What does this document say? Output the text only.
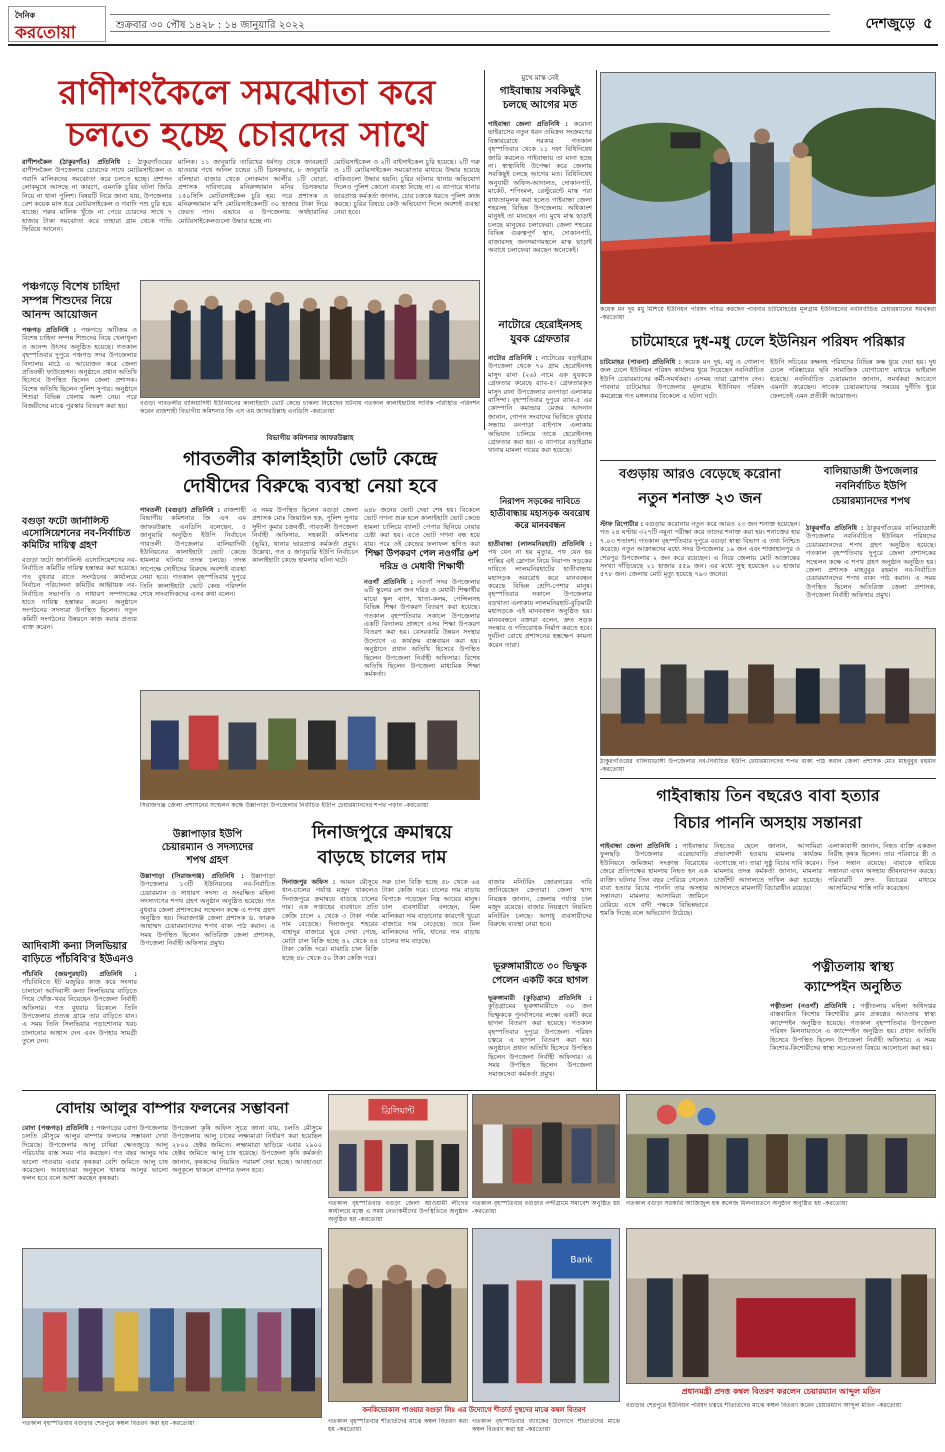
দৈনিক
করতোয়া	শুক্রবার ৩০ পৌষ ১৪২৮ : ১৪ জানুয়ারি ২০২২	দেশজুড়ে ৫
রাণীশংকৈলে সমঝোতা করে
চলতে হচ্ছে চোরদের সাথে
রাণীশংকৈল (ঠাকুরগাঁও) প্রতিনিধি : ঠাকুরগাঁওয়ের রাণীশংকৈল উপজেলায় চোরদের সাথে মোটরসাইকেল ও গবাদি মালিকদের সমঝোতা করে চলতে হচ্ছে। প্রশাসন লোকমুখে আসছে না কারণে, এমনকি চুরির ঘটনা জিডি নিয়ে না থানা পুলিশ। বিষয়টি নিয়ে জানা যায়, উপজেলার বেশ কয়েক মাস ধরে মোটরসাইকেল ও গবাদি পশু চুরি হয়ে যাচ্ছে। গরুর মালিক খুঁজে না পেয়ে চোরদের সাথে ৭ হাজার টাকা সমঝোতা করে তাহারা গ্রাম থেকে গাভি ফিরিয়ে আনেন।
মালিক। ১১ জানুয়ারি তারিখের ধর্মগড় থেকে জাবরহাট যাওয়ার পথে অনিল চন্দ্রের ১টি ডিসকভার, ৮ জানুয়ারি বলিহারা বাজার থেকে লোকমান আলীর ১টি ঘোড়া, প্রশাসক দাবিদারের মনিরুজ্জামান মনির ডিসকভার ১৫০সিসি মোটরসাইকেল চুরি হয়। পরে প্রশাসক ও মনিরুজ্জামান মণি মোটরসাইকেলটি ৩০ হাজার টাকা দিয়ে ফেরত পান। এভাবে এ উপজেলায় অর্থহারানির মোটরসাইকেলগুলো উদ্ধার হচ্ছে না।
মোটরসাইকেল ও ২টি বাইসাইকেল চুরি হয়েছে। ২টি গরু ও ১টি মোটরসাইকেল সমঝোতার মাধ্যমে উদ্ধার হয়েছে বাকিগুলো উদ্ধার হয়নি। চুরির ঘটনায় থানায় অভিযোগ দিলেও পুলিশ কোনো ব্যবস্থা নিচ্ছে না। এ ব্যাপারে থানার ভারপ্রাপ্ত কর্মকর্তা জানান, চোর চক্রকে ধরতে পুলিশ কাজ করছে। চুরির বিষয়ে কেউ অভিযোগ দিলে অবশ্যই ব্যবস্থা নেয়া হবে।
পঞ্চগড়ে বিশেষ চাহিদা
সম্পন্ন শিশুদের নিয়ে
আনন্দ আয়োজন
পঞ্চগড় প্রতিনিধি : পঞ্চগড়ে অটিজম ও বিশেষ চাহিদা সম্পন্ন শিশুদের নিয়ে খেলাধুলা ও আনন্দ উৎসব অনুষ্ঠিত হয়েছে। গতকাল বৃহস্পতিবার দুপুরে পঞ্চগড় সদর উপজেলার বিদ্যালয় মাঠে এ আয়োজন করে জেলা প্রতিবন্ধী ফাউন্ডেশন। অনুষ্ঠানে প্রধান অতিথি হিসেবে উপস্থিত ছিলেন জেলা প্রশাসক। বিশেষ অতিথি ছিলেন পুলিশ সুপার। অনুষ্ঠানে শিশুরা বিভিন্ন খেলায় অংশ নেয়। পরে বিজয়ীদের মাঝে পুরস্কার বিতরণ করা হয়।	বগুড়া গাবতলীর বালিয়াদিঘী ইউনিয়নের কালাইহাটা ভোট কেন্দ্রে চাকলা নিয়েছেন ঘটনায় গতকাল কালাইহাটায় সার্বিক পরিস্থিতি পরিদর্শন করেন রাজশাহী বিভাগীয় কমিশনার জি এস এম জাফরউল্লাহ এনডিসি -করতোয়া
বগুড়া ফটো জার্নালিস্ট
এসোসিয়েশনের নব-নির্বাচিত
কমিটির দায়িত্ব গ্রহণ
বগুড়া ফটো জার্নালিস্ট এসোসিয়েশনের নব-নির্বাচিত কমিটির দায়িত্ব হস্তান্তর করা হয়েছে। গত বুধবার রাতে সংগঠনের কার্যালয়ে নির্বাচন পরিচালনা কমিটির আহ্বায়ক নব-নির্বাচিত সভাপতি ও সাধারণ সম্পাদকের হাতে দায়িত্ব হস্তান্তর করেন। অনুষ্ঠানে সংগঠনের সদস্যরা উপস্থিত ছিলেন। নতুন কমিটি সংগঠনের উন্নয়নে কাজ করার প্রত্যয় ব্যক্ত করেন।
আদিবাসী কন্যা সিলভিয়ার
বাড়িতে পাঁচবিবি'র ইউএনও
পাঁচবিবি (জয়পুরহাট) প্রতিনিধি : পাঁচবিবিতে ইট মজুরির কাজ করে সংসার চালানো আদিবাসী কন্যা সিলভিয়ার বাড়িতে গিয়ে খোঁজ-খবর নিয়েছেন উপজেলা নির্বাহী অফিসার। গত বুধবার বিকেলে তিনি উপজেলার প্রত্যন্ত গ্রামে তার বাড়িতে যান। এ সময় তিনি সিলভিয়ার পড়াশোনার খরচ চালানোর আশ্বাস দেন এবং উপহার সামগ্রী তুলে দেন।
বিভাগীয় কমিশনার জাফরউল্লাহ
গাবতলীর কালাইহাটা ভোট কেন্দ্রে
দোষীদের বিরুদ্ধে ব্যবস্থা নেয়া হবে
গাবতলী (বগুড়া) প্রতিনিধি : রাজশাহী বিভাগীয় কমিশনার জি এস এম জাফরউল্লাহ এনডিসি বলেছেন, ৫ জানুয়ারি অনুষ্ঠিত ইউপি নির্বাচনে গাবতলী উপজেলার বালিয়াদিঘী ইউনিয়নের কালাইহাটা ভোট কেন্দ্রে হামলার ঘটনায় তদন্ত চলছে। তদন্ত সাপেক্ষে দোষীদের বিরুদ্ধে অবশ্যই ব্যবস্থা নেয়া হবে। গতকাল বৃহস্পতিবার দুপুরে তিনি কালাইহাটা ভোট কেন্দ্র পরিদর্শন শেষে সাংবাদিকদের এসব কথা বলেন।
এ সময় উপস্থিত ছিলেন বগুড়া জেলা প্রশাসক মোঃ জিয়াউল হক, পুলিশ সুপার সুদীপ কুমার চক্রবর্ত্তী, গাবতলী উপজেলা নির্বাহী অফিসার, সহকারী কমিশনার (ভূমি), থানার ভারপ্রাপ্ত কর্মকর্তা প্রমুখ। উল্লেখ্য, গত ৫ জানুয়ারি ইউপি নির্বাচনে কালাইহাটা কেন্দ্রে হামলার ঘটনা ঘটে।
৬৪৮ জনের ভোট দেয়া শেষ হয়। বিকেলে ভোট গণনা শুরু হলে কালাইহাটা ভোট কেন্দ্রে হামলা চালিয়ে ব্যালট পেপার ছিনিয়ে নেয়ার চেষ্টা করা হয়। এতে ভোট গণনা বন্ধ হয়ে যায়। পরে ওই কেন্দ্রের ফলাফল স্থগিত করা
শিক্ষা উপকরণ পেল নওগাঁর ৬শ
দরিদ্র ও মেধাবী শিক্ষার্থী
নওগাঁ প্রতিনিধি : নওগাঁ সদর উপজেলার ৬টি স্কুলের ৬শ জন দরিদ্র ও মেধাবী শিক্ষার্থীর মাঝে স্কুল ব্যাগ, খাতা-কলম, পেন্সিলসহ বিভিন্ন শিক্ষা উপকরণ বিতরণ করা হয়েছে। গতকাল বৃহস্পতিবার সকালে উপজেলার একটি বিদ্যালয় প্রাঙ্গণে এসব শিক্ষা উপকরণ বিতরণ করা হয়। বেসরকারি উন্নয়ন সংস্থার উদ্যোগে এ কার্যক্রম বাস্তবায়ন করা হয়। অনুষ্ঠানে প্রধান অতিথি হিসেবে উপস্থিত ছিলেন উপজেলা নির্বাহী অফিসার। বিশেষ অতিথি ছিলেন উপজেলা মাধ্যমিক শিক্ষা কর্মকর্তা।
সিরাজগঞ্জ জেলা প্রশাসনের সম্মেলন কক্ষে উল্লাপাড়া উপজেলার নির্বাচিত ইউপি চেয়ারম্যানদের শপথ পড়ান -করতোয়া
উল্লাপাড়ার ইউপি
চেয়ারম্যান ও সদস্যদের
শপথ গ্রহণ
উল্লাপাড়া (সিরাজগঞ্জ) প্রতিনিধি : উল্লাপাড়া উপজেলার ১৩টি ইউনিয়নের নব-নির্বাচিত চেয়ারম্যান ও সাধারণ সদস্য ও সংরক্ষিত মহিলা সদস্যগণের শপথ গ্রহণ অনুষ্ঠান অনুষ্ঠিত হয়েছে। গত বুধবার জেলা প্রশাসকের সম্মেলন কক্ষে এ শপথ গ্রহণ অনুষ্ঠিত হয়। সিরাজগঞ্জ জেলা প্রশাসক ড. ফারুক আহাম্মদ চেয়ারম্যানদের শপথ বাক্য পাঠ করান। এ সময় উপস্থিত ছিলেন অতিরিক্ত জেলা প্রশাসক, উপজেলা নির্বাহী অফিসার প্রমুখ।
দিনাজপুরে ক্রমান্বয়ে
বাড়ছে চালের দাম
দিনাজপুর অফিস : আমন মৌসুমে ধান-চালের পর্যাপ্ত মজুদ থাকলেও দিনাজপুরে ক্রমান্বয়ে বাড়ছে চালের দাম। এক সপ্তাহের ব্যবধানে প্রতি কেজি চালে ২ থেকে ৩ টাকা পর্যন্ত দাম বেড়েছে। দিনাজপুর শহরের বাহাদুর বাজারে ঘুরে দেখা গেছে, মোটা চাল বিক্রি হচ্ছে ৪২ থেকে ৪৪ টাকা কেজি দরে। মাঝারি চাল বিক্রি হচ্ছে ৪৮ থেকে ৫০ টাকা কেজি দরে।
সরু চাল বিক্রি হচ্ছে ৫৮ থেকে ৬৪ টাকা কেজি দরে। চালের দাম বাড়ায় বিপাকে পড়েছেন নিম্ন আয়ের মানুষ। চাল ব্যবসায়ীরা বলছেন, মিল মালিকরা দাম বাড়ানোর কারণেই খুচরা বাজারে দাম বেড়েছে। তবে মিল মালিকদের দাবি, ধানের দাম বাড়ায় চালের দাম বাড়ছে।
বাজার মনিটরিং জোরদারের দাবি জানিয়েছেন ক্রেতারা। জেলা খাদ্য নিয়ন্ত্রক জানান, জেলায় পর্যাপ্ত চাল মজুদ রয়েছে। বাজার নিয়ন্ত্রণে নিয়মিত মনিটরিং চলছে। অসাধু ব্যবসায়ীদের বিরুদ্ধে ব্যবস্থা নেয়া হবে।
মুখে মাস্ক নেই
গাইবান্ধায় সবকিছুই চলছে আগের মত
গাইবান্ধা জেলা প্রতিনিধি : করোনা ভাইরাসের নতুন ধরন ওমিক্রন সংক্রমণের বিস্তাররোধে সরকার গতকাল বৃহস্পতিবার থেকে ১১ দফা বিধিনিষেধ জারি করলেও গাইবান্ধায় তা মানা হচ্ছে না। স্বাস্থ্যবিধি উপেক্ষা করে জেলায় সবকিছুই চলছে আগের মত। বিধিনিষেধ অনুযায়ী অফিস-আদালত, দোকানপাট, মার্কেট, শপিংমল, রেস্টুরেন্টে মাস্ক পরা বাধ্যতামূলক করা হলেও গাইবান্ধা জেলা শহরসহ বিভিন্ন উপজেলায় অধিকাংশ মানুষই তা মানছেন না। মুখে মাস্ক ছাড়াই চলছে মানুষের চলাফেরা। জেলা শহরের বিভিন্ন গুরুত্বপূর্ণ স্থান, দোকানপাট, বাজারসহ জনসমাগমস্থলে মাস্ক ছাড়াই অবাধে চলাফেরা করছেন অনেকেই।
নাটোরে হেরোইনসহ যুবক গ্রেফতার
নাটোর প্রতিনিধি : নাটোরের বড়াইগ্রাম উপজেলা থেকে ৭০ গ্রাম হেরোইনসহ মাসুদ রানা (২৬) নামে এক যুবককে গ্রেফতার করেছে র‌্যাব-৫। গ্রেফতারকৃত মাসুদ রানা উপজেলার বনপাড়া এলাকার বাসিন্দা। বৃহস্পতিবার দুপুরে র‌্যাব-৫ এর কোম্পানি কমান্ডার মেজর আদনান জানান, গোপন সংবাদের ভিত্তিতে বুধবার সন্ধ্যায় বনপাড়া বাইপাস এলাকায় অভিযান চালিয়ে তাকে হেরোইনসহ গ্রেফতার করা হয়। এ ব্যাপারে বড়াইগ্রাম থানায় মামলা দায়ের করা হয়েছে।
নিরাপদ সড়কের দাবিতে
হাতীবান্ধায় মহাসড়ক অবরোধ
করে মানববন্ধন
হাতীবান্ধা (লালমনিরহাট) প্রতিনিধি : পথ যেন না হয় মৃত্যুর, পথ যেন হয় শান্তির এই স্লোগান নিয়ে নিরাপদ সড়কের দাবিতে লালমনিরহাটের হাতীবান্ধায় মহাসড়ক অবরোধ করে মানববন্ধন করেছে বিভিন্ন শ্রেণি-পেশার মানুষ। বৃহস্পতিবার সকালে উপজেলার বড়খাতা এলাকায় লালমনিরহাট-বুড়িমারী মহাসড়কে এই মানববন্ধন অনুষ্ঠিত হয়। মানববন্ধনে বক্তারা বলেন, দ্রুত সড়ক সংস্কার ও গতিরোধক নির্মাণ করতে হবে। দুর্ঘটনা রোধে প্রশাসনের হস্তক্ষেপ কামনা করেন তারা।
ভূরুঙ্গামারীতে ৩০ ভিক্ষুক
পেলেন একটি করে ছাগল
ভূরুঙ্গামারী (কুড়িগ্রাম) প্রতিনিধি : কুড়িগ্রামের ভূরুঙ্গামারীতে ৩০ জন ভিক্ষুককে পুনর্বাসনের লক্ষ্যে একটি করে ছাগল বিতরণ করা হয়েছে। গতকাল বৃহস্পতিবার দুপুরে উপজেলা পরিষদ চত্বরে এ ছাগল বিতরণ করা হয়। অনুষ্ঠানে প্রধান অতিথি হিসেবে উপস্থিত ছিলেন উপজেলা নির্বাহী অফিসার। এ সময় উপস্থিত ছিলেন উপজেলা সমাজসেবা কর্মকর্তা প্রমুখ।
কয়েক মন দুধ মধু মিশিয়ে ইউনিয়ন পরিষদ পবিত্র করছেন পাবনার চাটমোহরের মূলগ্রাম ইউনিয়নের নবনির্বাচিত চেয়ারম্যানের সমর্থকরা -করতোয়া
চাটমোহরে দুধ-মধু ঢেলে ইউনিয়ন পরিষদ পরিষ্কার
চাটমোহর (পাবনা) প্রতিনিধি : কয়েক মন দুধ, মধু ও গোলাপ জল ঢেলে ইউনিয়ন পরিষদ কার্যালয় ধুয়ে দিয়েছেন নবনির্বাচিত ইউপি চেয়ারম্যানের কর্মী-সমর্থকরা। এসময় তারা স্লোগান দেন। পাবনার চাটমোহর উপজেলার মূলগ্রাম ইউনিয়ন পরিষদ কমপ্লেক্সে গত মঙ্গলবার বিকেলে এ ঘটনা ঘটে।
ইউপি সচিবের কক্ষসহ পরিষদের বিভিন্ন কক্ষ ধুয়ে দেয়া হয়। দুধ ঢেলে পরিষ্কারের ছবি সামাজিক যোগাযোগ মাধ্যমে ভাইরাল হয়েছে। নবনির্বাচিত চেয়ারম্যান জানান, সমর্থকরা আবেগে এমনটা করেছেন। সাবেক চেয়ারম্যানের সময়ের দুর্নীতি ধুয়ে ফেলতেই এমন প্রতীকী আয়োজন।
বগুড়ায় আরও বেড়েছে করোনা
নতুন শনাক্ত ২৩ জন
স্টাফ রিপোর্টার : বগুড়ায় করোনায় নতুন করে আরও ২৩ জন শনাক্ত হয়েছেন। গত ২৪ ঘণ্টায় ৩২৭টি নমুনা পরীক্ষা করে তাদের শনাক্ত করা হয়। শনাক্তের হার ৭.০৩ শতাংশ। গতকাল বৃহস্পতিবার দুপুরে বগুড়া স্বাস্থ্য বিভাগ এ তথ্য নিশ্চিত করেছে। নতুন আক্রান্তদের মধ্যে সদর উপজেলার ১৯ জন এবং শাজাহানপুর ও শেরপুর উপজেলার ২ জন করে রয়েছেন। এ নিয়ে জেলায় মোট আক্রান্তের সংখ্যা দাঁড়িয়েছে ২১ হাজার ৫৫৯ জন। এর মধ্যে সুস্থ হয়েছেন ২০ হাজার ৫৭৮ জন। জেলায় মোট মৃত্যু হয়েছে ৭৯৩ জনের।
বালিয়াডাঙ্গী উপজেলার
নবনির্বাচিত ইউপি
চেয়ারম্যানদের শপথ
ঠাকুরগাঁও প্রতিনিধি : ঠাকুরগাঁওয়ের বালিয়াডাঙ্গী উপজেলার নবনির্বাচিত ইউনিয়ন পরিষদের চেয়ারম্যানদের শপথ গ্রহণ অনুষ্ঠিত হয়েছে। গতকাল বৃহস্পতিবার দুপুরে জেলা প্রশাসকের সম্মেলন কক্ষে এ শপথ গ্রহণ অনুষ্ঠান অনুষ্ঠিত হয়। জেলা প্রশাসক মাহবুবুর রহমান নব-নির্বাচিত চেয়ারম্যানদের শপথ বাক্য পাঠ করান। এ সময় উপস্থিত ছিলেন অতিরিক্ত জেলা প্রশাসক, উপজেলা নির্বাহী অফিসার প্রমুখ।
ঠাকুরগাঁওয়ের বালিয়াডাঙ্গী উপজেলার নব-নির্বাচিত ইউপি চেয়ারম্যানদের শপথ বাক্য পাঠ করান জেলা প্রশাসক মোঃ মাহবুবুর রহমান -করতোয়া
গাইবান্ধায় তিন বছরেও বাবা হত্যার
বিচার পাননি অসহায় সন্তানরা
গাইবান্ধা জেলা প্রতিনিধি : গাইবান্ধার ফুলছড়ি উপজেলার এরেন্ডাবাড়ি ইউনিয়নে জমিজমা সংক্রান্ত বিরোধের জেরে প্রতিপক্ষের হামলায় নিহত হন এক ব্যক্তি। ঘটনার তিন বছর পেরিয়ে গেলেও বাবা হত্যার বিচার পাননি তার অসহায় সন্তানরা। মামলার আসামিরা জামিনে বেরিয়ে এসে বাদী পক্ষকে বিভিন্নভাবে হুমকি দিচ্ছে বলে অভিযোগ উঠেছে।
নিহতের ছেলে জানান, আসামিরা প্রভাবশালী হওয়ায় মামলার কার্যক্রম এগোচ্ছে না। তারা সুষ্ঠু বিচার দাবি করেন। মামলার তদন্ত কর্মকর্তা জানান, মামলার চার্জশিট আদালতে দাখিল করা হয়েছে। আদালতে মামলাটি বিচারাধীন রয়েছে।
এলাকাবাসী জানান, নিহত ব্যক্তি একজন নিরীহ কৃষক ছিলেন। তার পরিবারে স্ত্রী ও তিন সন্তান রয়েছে। বাবাকে হারিয়ে সন্তানরা এখন অসহায় জীবনযাপন করছে। পরিবারটি দ্রুত বিচারের মাধ্যমে আসামিদের শাস্তি দাবি করেছেন।
পত্নীতলায় স্বাস্থ্য
ক্যাম্পেইন অনুষ্ঠিত
পত্নীতলা (নওগাঁ) প্রতিনিধি : পত্নীতলায় মহিলা অধিদপ্তর বাস্তবায়িত কিশোর কিশোরীর ক্লাব প্রকল্পের আওতায় স্বাস্থ্য ক্যাম্পেইন অনুষ্ঠিত হয়েছে। গতকাল বৃহস্পতিবার উপজেলা পরিষদ মিলনায়তনে এ ক্যাম্পেইন অনুষ্ঠিত হয়। প্রধান অতিথি হিসেবে উপস্থিত ছিলেন উপজেলা নির্বাহী অফিসার। এ সময় কিশোর-কিশোরীদের স্বাস্থ্য সচেতনতা বিষয়ে আলোচনা করা হয়।
বোদায় আলুর বাম্পার ফলনের সম্ভাবনা
বোদা (পঞ্চগড়) প্রতিনিধি : পঞ্চগড়ের বোদা উপজেলায় চলতি মৌসুমে আলুর বাম্পার ফলনের সম্ভাবনা দেখা দিয়েছে। উপজেলার আলু চাষিরা ক্ষেতজুড়ে আলু পরিচর্যায় ব্যস্ত সময় পার করছেন। গত বছর আলুর দাম ভালো পাওয়ায় এবার কৃষকরা বেশি জমিতে আলু চাষ করেছেন। আবহাওয়া অনুকূলে থাকায় আলুর ভালো ফলন হবে বলে আশা করছেন কৃষকরা।
উপজেলা কৃষি অফিস সূত্রে জানা যায়, চলতি মৌসুমে উপজেলায় আলু চাষের লক্ষ্যমাত্রা নির্ধারণ করা হয়েছিল ২৮০০ হেক্টর জমিতে। লক্ষ্যমাত্রা ছাড়িয়ে এবার ২৯০০ হেক্টর জমিতে আলু চাষ হয়েছে। উপজেলা কৃষি কর্মকর্তা জানান, কৃষকদের নিয়মিত পরামর্শ দেয়া হচ্ছে। আবহাওয়া অনুকূলে থাকলে বাম্পার ফলন হবে।
ব্রিলিয়ান্ট
গতকাল বৃহস্পতিবার বগুড়া জেলা আওয়ামী লীগের কার্যালয়ে মঞ্চে এ সময় নেতাকর্মীদের উপস্থিতিতে অনুষ্ঠান অনুষ্ঠিত হয় -করতোয়া
গতকাল বৃহস্পতিবার বগুড়ার নন্দীগ্রামে সমাবেশ অনুষ্ঠিত হয় -করতোয়া
গতকাল বগুড়া সরকারি আজিজুল হক কলেজ মিলনায়তনে অনুষ্ঠান অনুষ্ঠিত হয় -করতোয়া
Bank
কনকিভোকাল পাওয়ার বগুড়া লিঃ এর উদ্যোগে শীতার্ত দুস্থদের মাঝে কম্বল বিতরণ
গতকাল বৃহস্পতিবার বগুড়ার শেরপুরে কম্বল বিতরণ করা হয় -করতোয়া	গতকাল বৃহস্পতিবার শীতার্তদের মাঝে কম্বল বিতরণ করা হয় -করতোয়া
গতকাল বৃহস্পতিবার ব্যাংকের উদ্যোগে শীতার্তদের মাঝে কম্বল বিতরণ করা হয় -করতোয়া
প্রধানমন্ত্রী প্রদত্ত কম্বল বিতরণ করলেন চেয়ারম্যান আব্দুল মতিন
বগুড়ার শেরপুরে ইউনিয়ন পরিষদ চত্বরে শীতার্তদের মাঝে কম্বল বিতরণ করেন চেয়ারম্যান আব্দুল মতিন -করতোয়া
